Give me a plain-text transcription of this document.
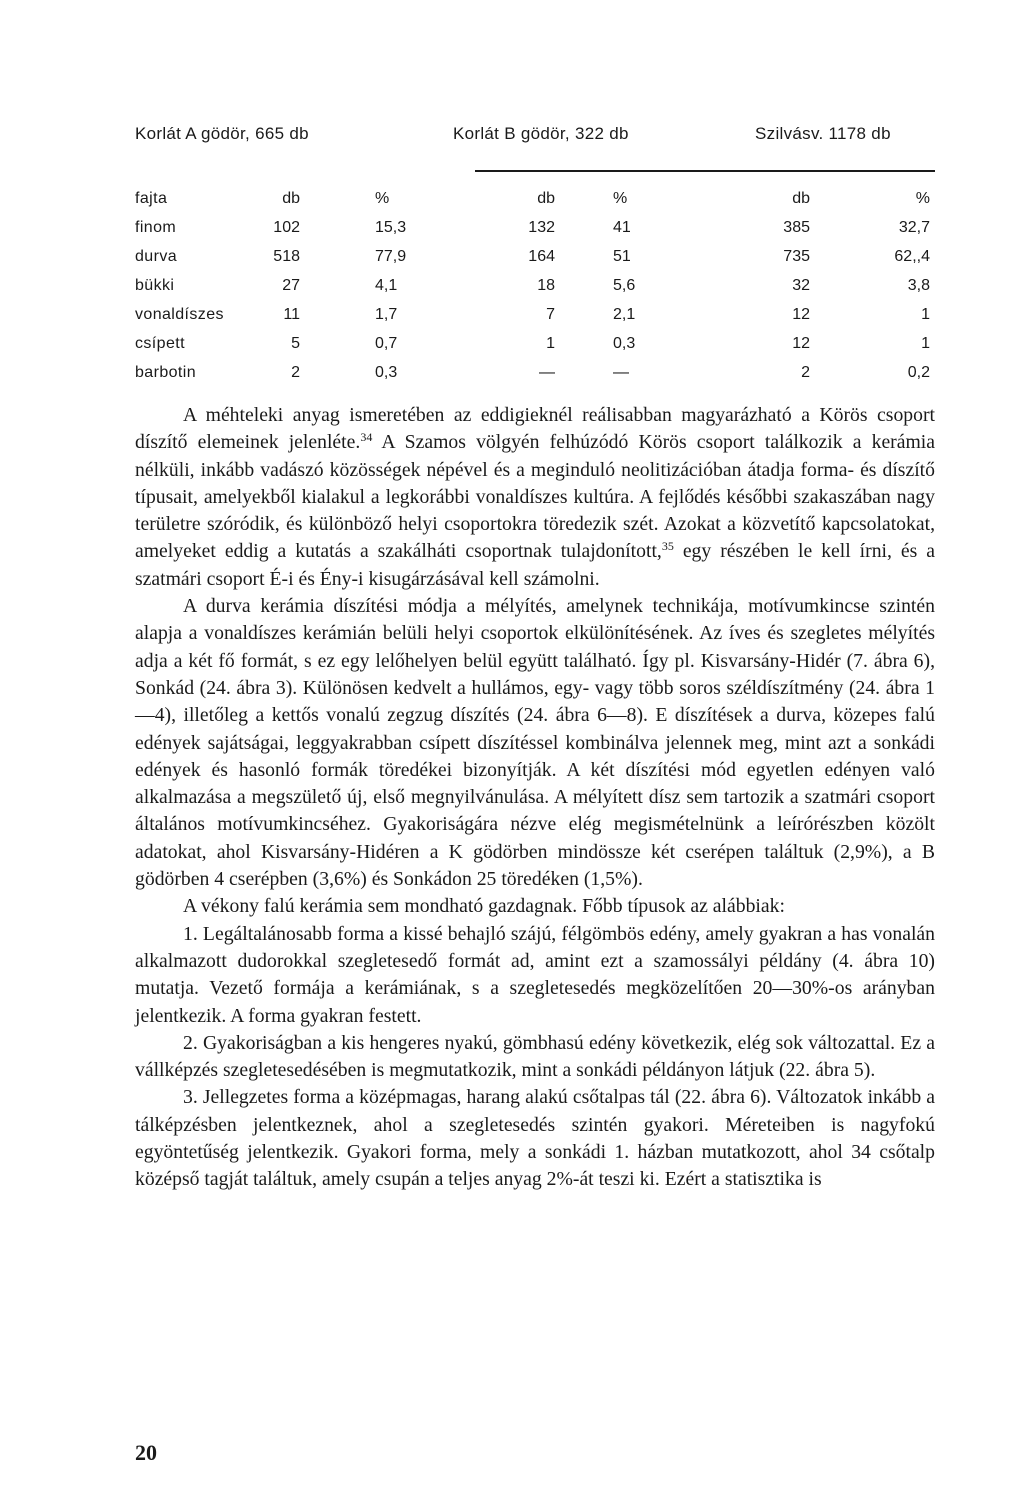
Korlát A gödör, 665 db	Korlát B gödör, 322 db	Szilvásv. 1178 db
fajta	db	%	db	%	db	%
finom	102	15,3	132	41	385	32,7
durva	518	77,9	164	51	735	62,,4
bükki	27	4,1	18	5,6	32	3,8
vonaldíszes	11	1,7	7	2,1	12	1
csípett	5	0,7	1	0,3	12	1
barbotin	2	0,3	—	—	2	0,2

A méhteleki anyag ismeretében az eddigieknél reálisabban magyarázható a Körös csoport díszítő elemeinek jelenléte.$^{34}$ A Szamos völgyén felhúzódó Körös csoport találkozik a kerámia nélküli, inkább vadászó közösségek népével és a meginduló neolitizációban átadja forma- és díszítő típusait, amelyekből kialakul a legkorábbi vonaldíszes kultúra. A fejlődés későbbi szakaszában nagy területre szóródik, és különböző helyi csoportokra töredezik szét. Azokat a közvetítő kapcsolatokat, amelyeket eddig a kutatás a szakálháti csoportnak tulajdonított,$^{35}$ egy részében le kell írni, és a szatmári csoport É-i és Ény-i kisugárzásával kell számolni.

A durva kerámia díszítési módja a mélyítés, amelynek technikája, motívumkincse szintén alapja a vonaldíszes kerámián belüli helyi csoportok elkülönítésének. Az íves és szegletes mélyítés adja a két fő formát, s ez egy lelőhelyen belül együtt található. Így pl. Kisvarsány-Hidér (7. ábra 6), Sonkád (24. ábra 3). Különösen kedvelt a hullámos, egy- vagy több soros széldíszítmény (24. ábra 1—4), illetőleg a kettős vonalú zegzug díszítés (24. ábra 6—8). E díszítések a durva, közepes falú edények sajátságai, leggyakrabban csípett díszítéssel kombinálva jelennek meg, mint azt a sonkádi edények és hasonló formák töredékei bizonyítják. A két díszítési mód egyetlen edényen való alkalmazása a megszülető új, első megnyilvánulása. A mélyített dísz sem tartozik a szatmári csoport általános motívumkincséhez. Gyakoriságára nézve elég megismételnünk a leírórészben közölt adatokat, ahol Kisvarsány-Hidéren a K gödörben mindössze két cserépen találtuk (2,9%), a B gödörben 4 cserépben (3,6%) és Sonkádon 25 töredéken (1,5%).

A vékony falú kerámia sem mondható gazdagnak. Főbb típusok az alábbiak:

1. Legáltalánosabb forma a kissé behajló szájú, félgömbös edény, amely gyakran a has vonalán alkalmazott dudorokkal szegletesedő formát ad, amint ezt a szamossályi példány (4. ábra 10) mutatja. Vezető formája a kerámiának, s a szegletesedés megközelítően 20—30%-os arányban jelentkezik. A forma gyakran festett.

2. Gyakoriságban a kis hengeres nyakú, gömbhasú edény következik, elég sok változattal. Ez a vállképzés szegletesedésében is megmutatkozik, mint a sonkádi példányon látjuk (22. ábra 5).

3. Jellegzetes forma a középmagas, harang alakú csőtalpas tál (22. ábra 6). Változatok inkább a tálképzésben jelentkeznek, ahol a szegletesedés szintén gyakori. Méreteiben is nagyfokú egyöntetűség jelentkezik. Gyakori forma, mely a sonkádi 1. házban mutatkozott, ahol 34 csőtalp középső tagját találtuk, amely csupán a teljes anyag 2%-át teszi ki. Ezért a statisztika is

20
